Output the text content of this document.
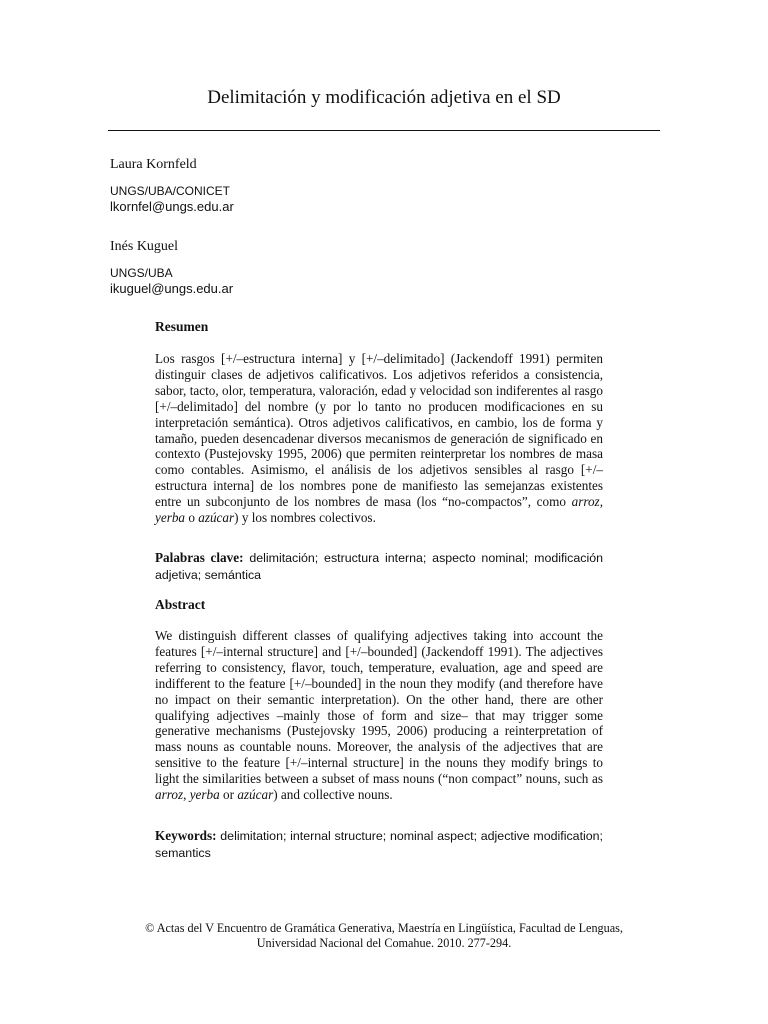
Delimitación y modificación adjetiva en el SD
Laura Kornfeld
UNGS/UBA/CONICET
lkornfel@ungs.edu.ar
Inés Kuguel
UNGS/UBA
ikuguel@ungs.edu.ar
Resumen
Los rasgos [+/–estructura interna] y [+/–delimitado] (Jackendoff 1991) permiten distinguir clases de adjetivos calificativos. Los adjetivos referidos a consistencia, sabor, tacto, olor, temperatura, valoración, edad y velocidad son indiferentes al rasgo [+/–delimitado] del nombre (y por lo tanto no producen modificaciones en su interpretación semántica). Otros adjetivos calificativos, en cambio, los de forma y tamaño, pueden desencadenar diversos mecanismos de generación de significado en contexto (Pustejovsky 1995, 2006) que permiten reinterpretar los nombres de masa como contables. Asimismo, el análisis de los adjetivos sensibles al rasgo [+/–estructura interna] de los nombres pone de manifiesto las semejanzas existentes entre un subconjunto de los nombres de masa (los “no-compactos”, como arroz, yerba o azúcar) y los nombres colectivos.
Palabras clave: delimitación; estructura interna; aspecto nominal; modificación adjetiva; semántica
Abstract
We distinguish different classes of qualifying adjectives taking into account the features [+/–internal structure] and [+/–bounded] (Jackendoff 1991). The adjectives referring to consistency, flavor, touch, temperature, evaluation, age and speed are indifferent to the feature [+/–bounded] in the noun they modify (and therefore have no impact on their semantic interpretation). On the other hand, there are other qualifying adjectives –mainly those of form and size– that may trigger some generative mechanisms (Pustejovsky 1995, 2006) producing a reinterpretation of mass nouns as countable nouns. Moreover, the analysis of the adjectives that are sensitive to the feature [+/–internal structure] in the nouns they modify brings to light the similarities between a subset of mass nouns (“non compact” nouns, such as arroz, yerba or azúcar) and collective nouns.
Keywords: delimitation; internal structure; nominal aspect; adjective modification; semantics
© Actas del V Encuentro de Gramática Generativa, Maestría en Lingüística, Facultad de Lenguas,
Universidad Nacional del Comahue. 2010. 277-294.
